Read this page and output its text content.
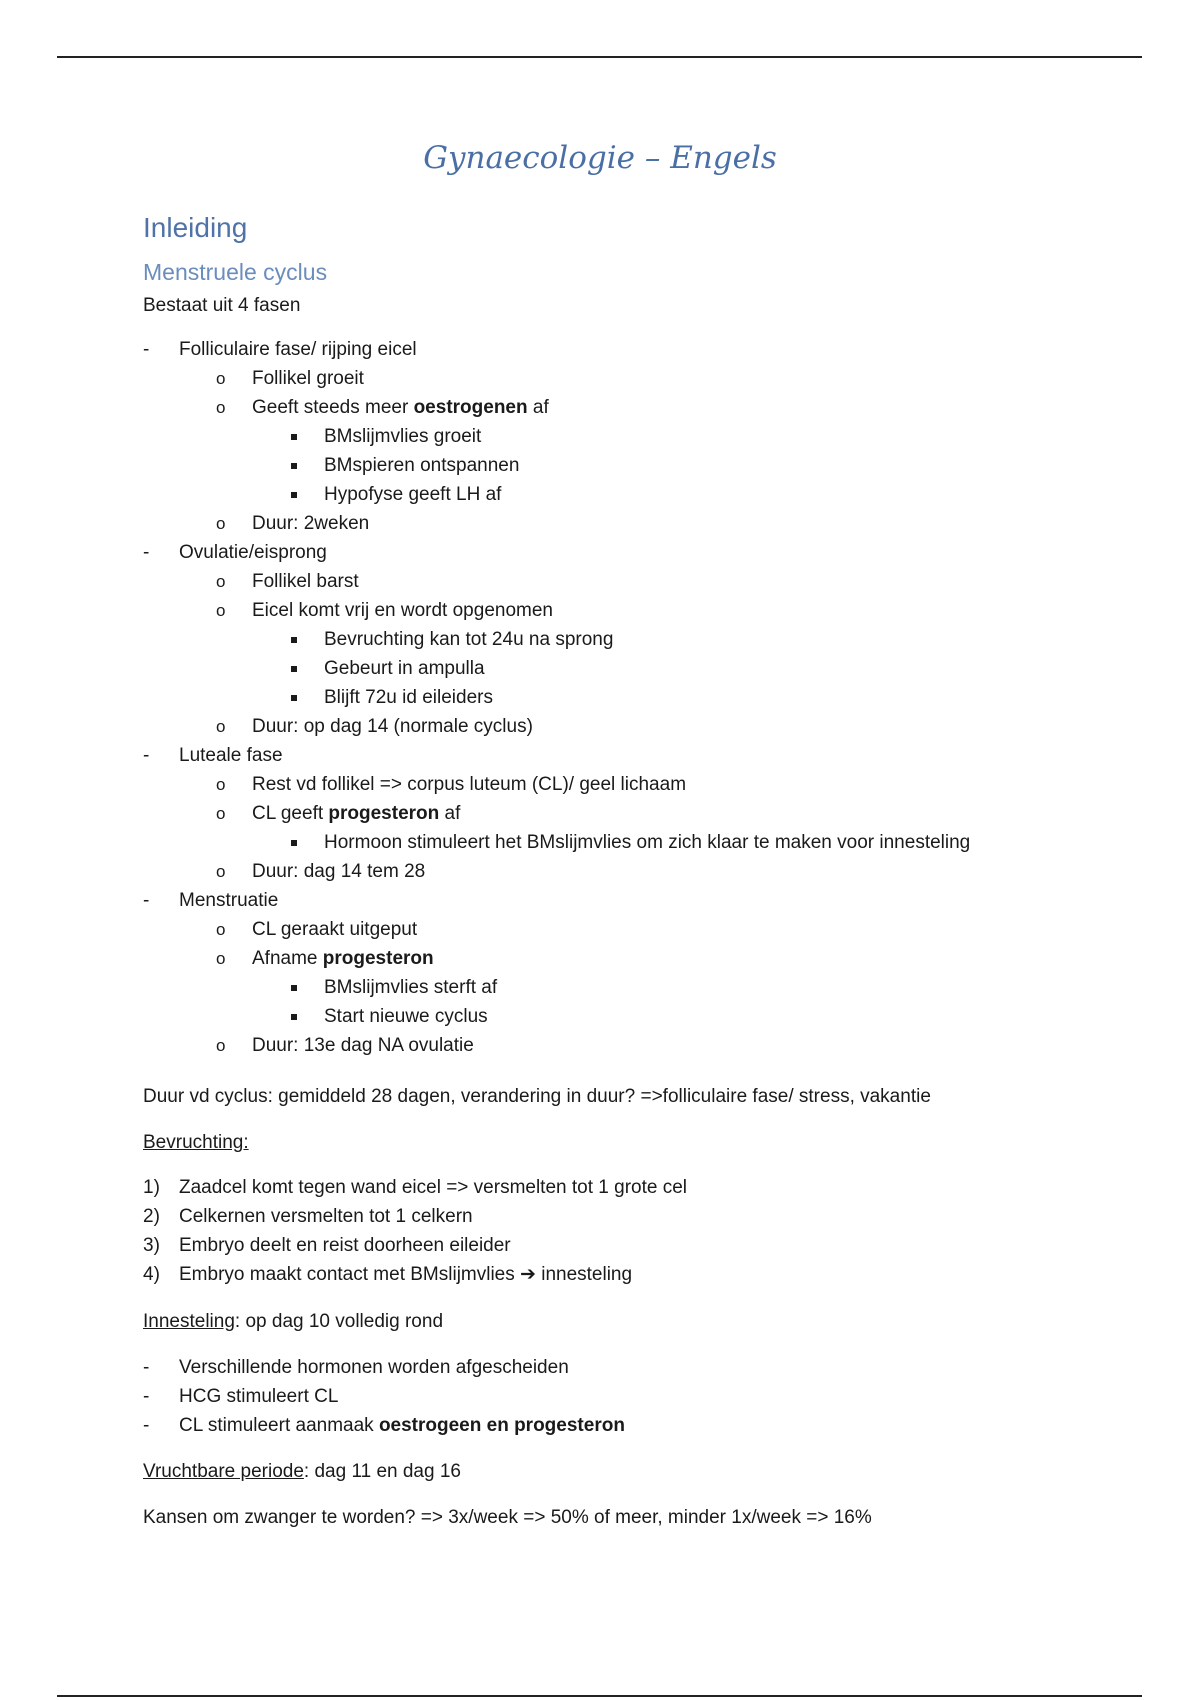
Gynaecologie – Engels
Inleiding
Menstruele cyclus
Bestaat uit 4 fasen
- Folliculaire fase/ rijping eicel
o Follikel groeit
o Geeft steeds meer oestrogenen af
BMslijmvlies groeit
BMspieren ontspannen
Hypofyse geeft LH af
o Duur: 2weken
- Ovulatie/eisprong
o Follikel barst
o Eicel komt vrij en wordt opgenomen
Bevruchting kan tot 24u na sprong
Gebeurt in ampulla
Blijft 72u id eileiders
o Duur: op dag 14 (normale cyclus)
- Luteale fase
o Rest vd follikel => corpus luteum (CL)/ geel lichaam
o CL geeft progesteron af
Hormoon stimuleert het BMslijmvlies om zich klaar te maken voor innesteling
o Duur: dag 14 tem 28
- Menstruatie
o CL geraakt uitgeput
o Afname progesteron
BMslijmvlies sterft af
Start nieuwe cyclus
o Duur: 13e dag NA ovulatie
Duur vd cyclus: gemiddeld 28 dagen, verandering in duur? =>folliculaire fase/ stress, vakantie
Bevruchting:
1) Zaadcel komt tegen wand eicel => versmelten tot 1 grote cel
2) Celkernen versmelten tot 1 celkern
3) Embryo deelt en reist doorheen eileider
4) Embryo maakt contact met BMslijmvlies ➔ innesteling
Innesteling: op dag 10 volledig rond
- Verschillende hormonen worden afgescheiden
- HCG stimuleert CL
- CL stimuleert aanmaak oestrogeen en progesteron
Vruchtbare periode: dag 11 en dag 16
Kansen om zwanger te worden? => 3x/week => 50% of meer, minder 1x/week => 16%
